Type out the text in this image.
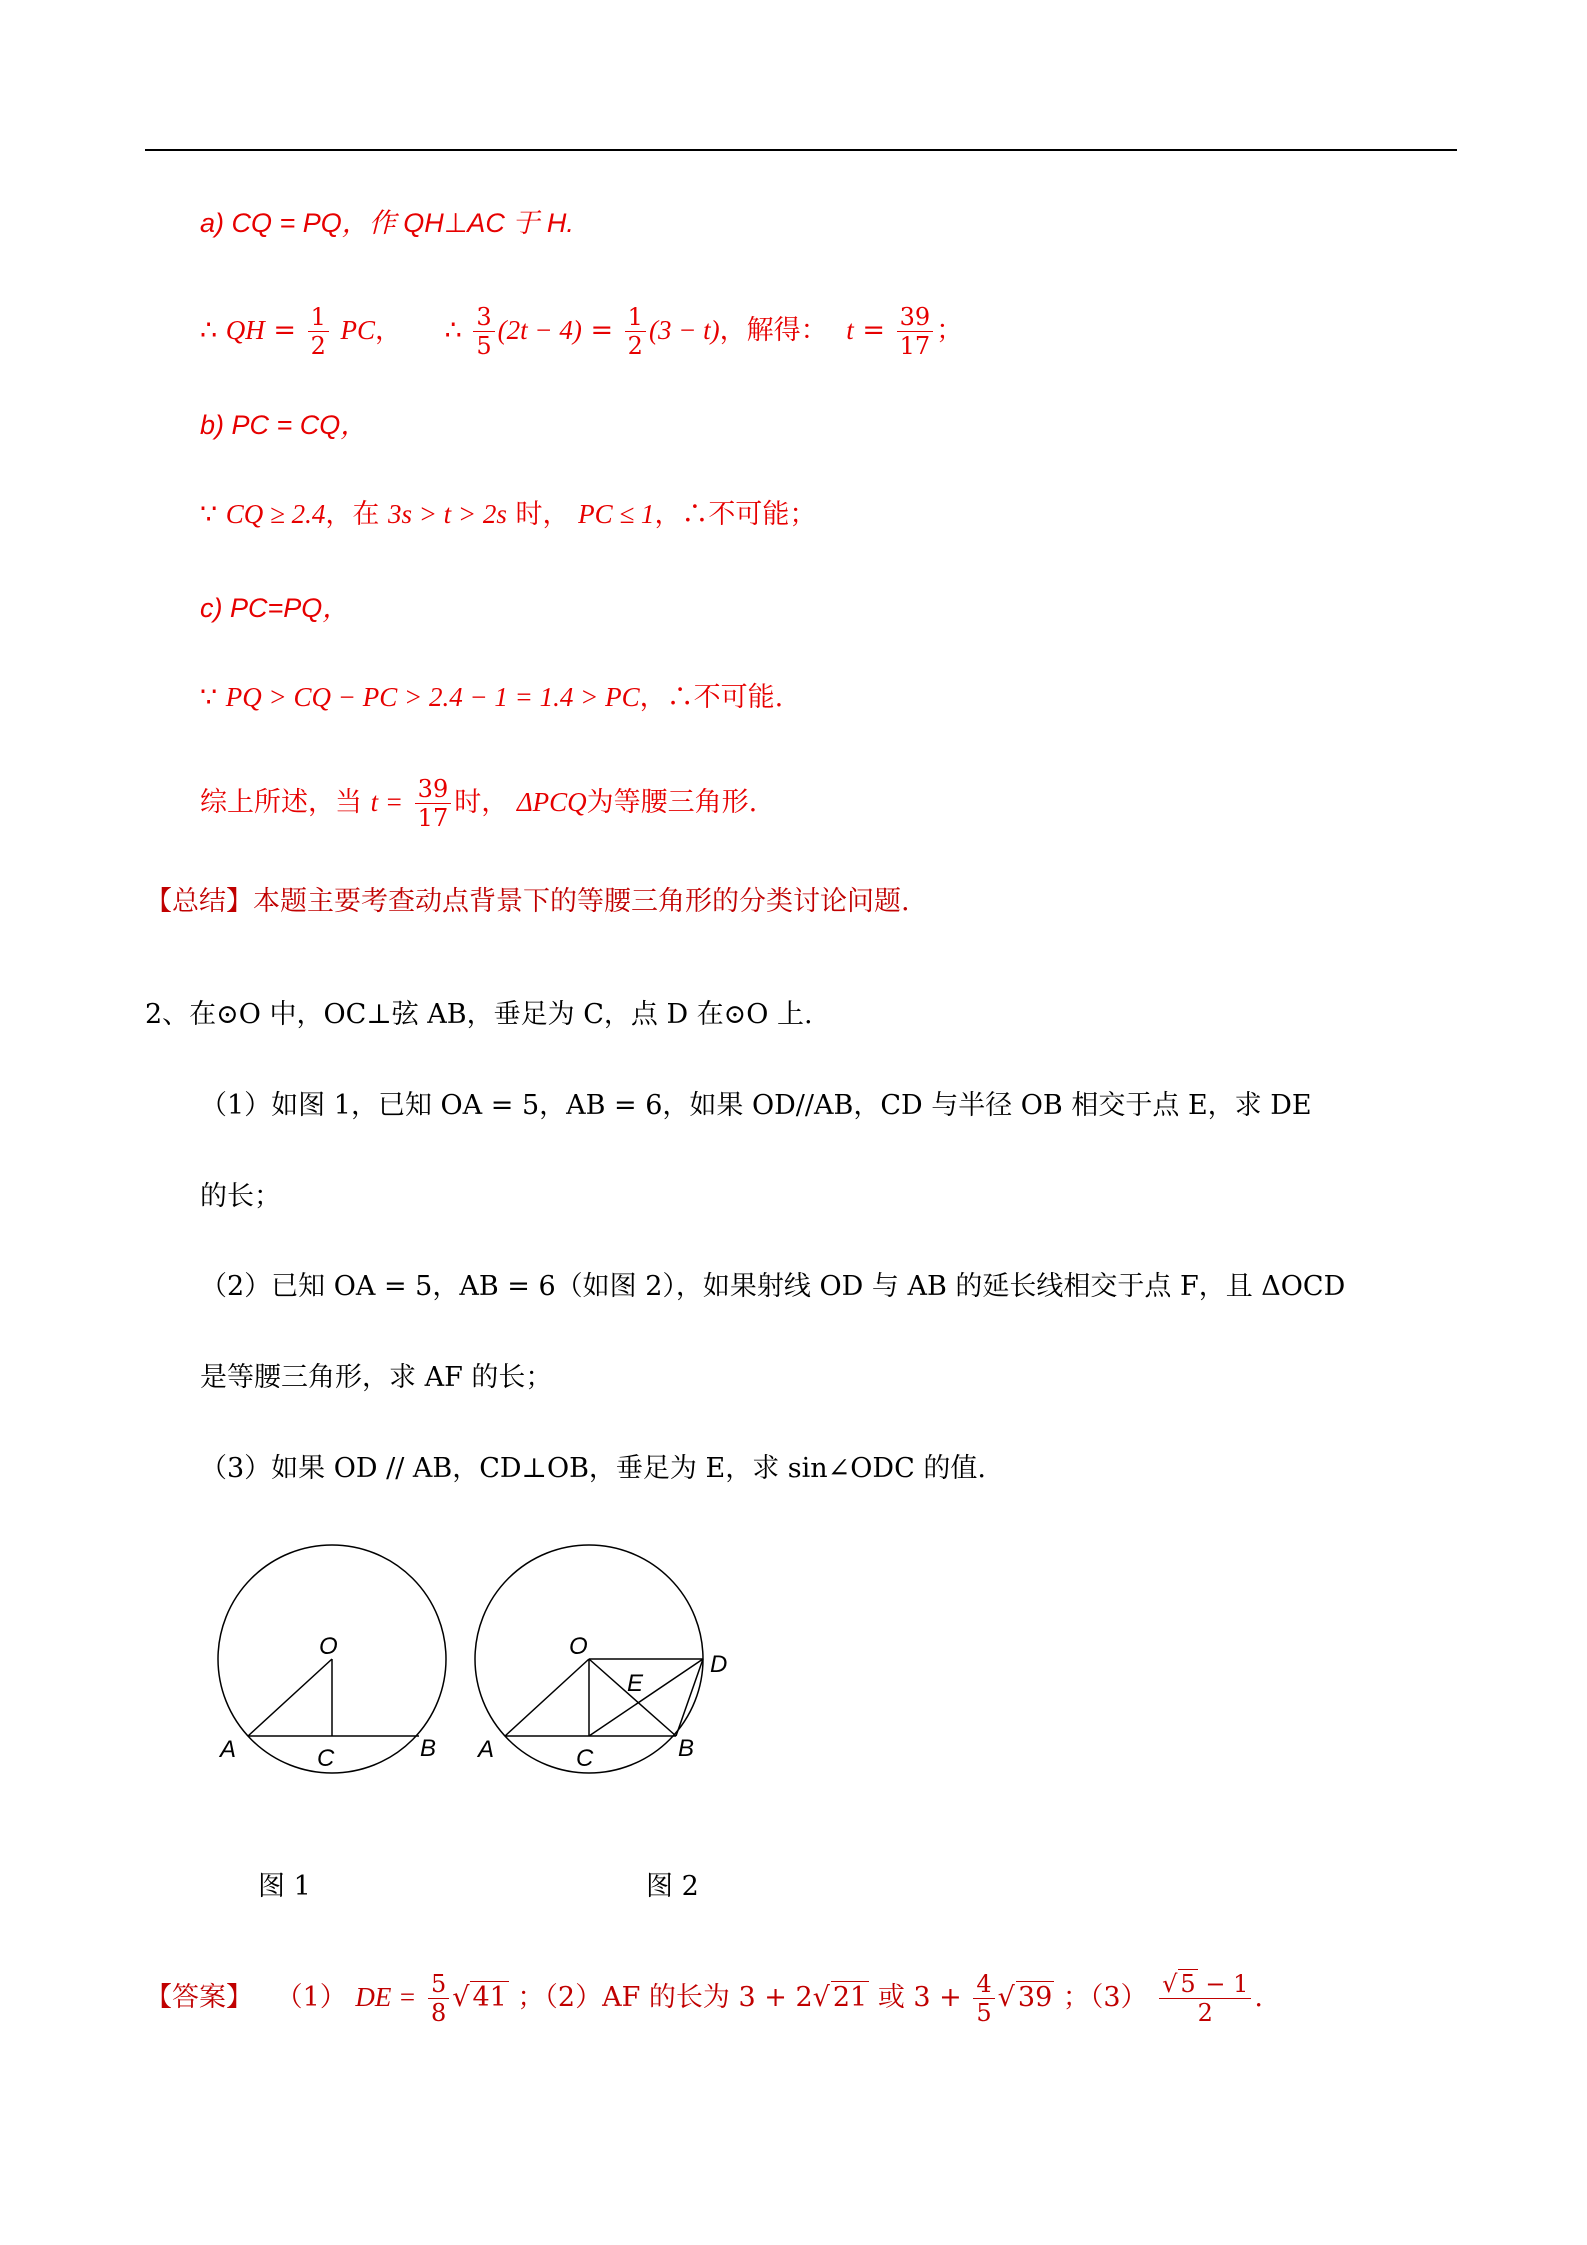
a) CQ = PQ，作 QH⊥AC 于 H.
∴ QH = $\frac{1}{2}$ PC， ∴ $\frac{3}{5} (2t - 4) = \frac{1}{2} (3 - t)$，解得： $t = \frac{39}{17}$ ；
b) PC = CQ，
∵ CQ ≥ 2.4，在 3s > t > 2s 时， PC ≤ 1，∴不可能；
c) PC=PQ，
∵ PQ > CQ − PC > 2.4 − 1 = 1.4 > PC，∴不可能.
综上所述，当 $t = \frac{39}{17}$ 时， ΔPCQ为等腰三角形.
【总结】本题主要考查动点背景下的等腰三角形的分类讨论问题.
2、在⊙O 中，OC⊥弦 AB，垂足为 C，点 D 在⊙O 上.
（1）如图 1，已知 OA = 5，AB = 6，如果 OD//AB，CD 与半径 OB 相交于点 E，求 DE
的长；
（2）已知 OA = 5，AB = 6（如图 2），如果射线 OD 与 AB 的延长线相交于点 F，且 ΔOCD
是等腰三角形，求 AF 的长；
（3）如果 OD // AB，CD⊥OB，垂足为 E，求 sin∠ODC 的值.
O
A	B
C
O
D
E
A	B
C
图 1	图 2
【答案】 （1） DE = $\frac{5}{8}$ √ 41 ；（2）AF 的长为 3 + 2√ 21 或 $3 + \frac{4}{5}$ √ 39 ；$(3) \frac{√ 5 - 1}{2}$ .
